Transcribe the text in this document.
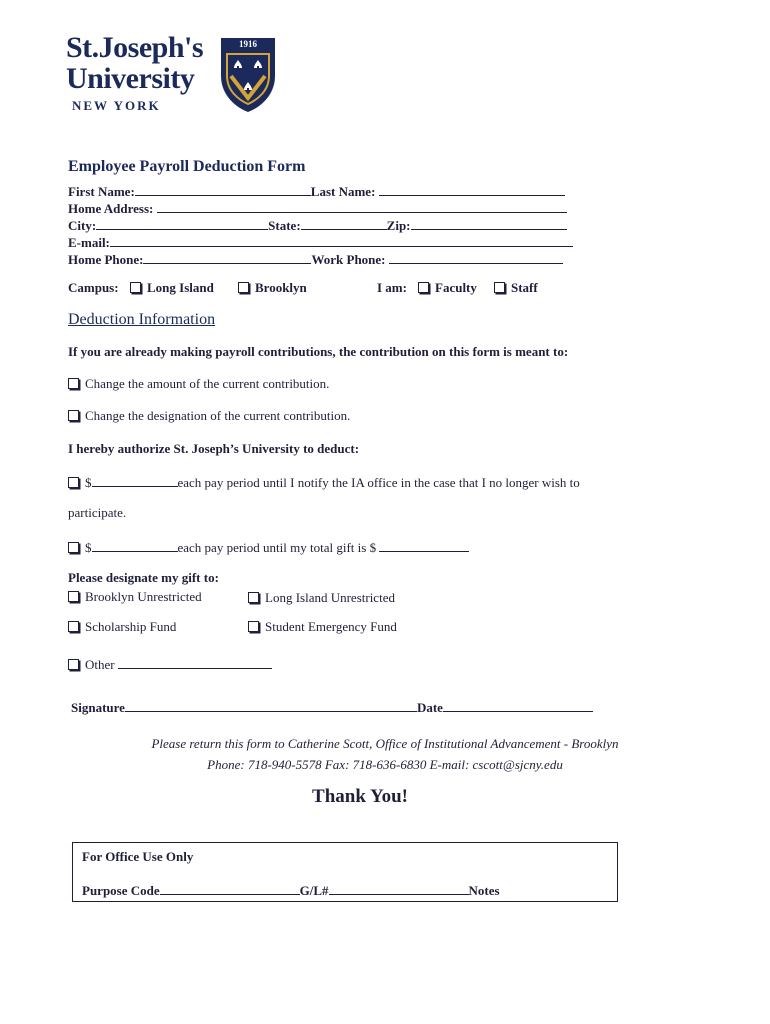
St.Joseph's
University
NEW YORK
1916
Employee Payroll Deduction Form
First Name:	Last Name:
Home Address:
City:	State:	Zip:
E-mail:
Home Phone:	Work Phone:
Campus:	Long Island	Brooklyn	I am:	Faculty	Staff
Deduction Information
If you are already making payroll contributions, the contribution on this form is meant to:
Change the amount of the current contribution.
Change the designation of the current contribution.
I hereby authorize St. Joseph’s University to deduct:
$	each pay period until I notify the IA office in the case that I no longer wish to
participate.
$	each pay period until my total gift is $
Please designate my gift to:
Brooklyn Unrestricted	Long Island Unrestricted
Scholarship Fund	Student Emergency Fund
Other
Signature	Date
Please return this form to Catherine Scott, Office of Institutional Advancement - Brooklyn
Phone: 718-940-5578 Fax: 718-636-6830 E-mail: cscott@sjcny.edu
Thank You!
For Office Use Only
Purpose Code	G/L#	Notes
